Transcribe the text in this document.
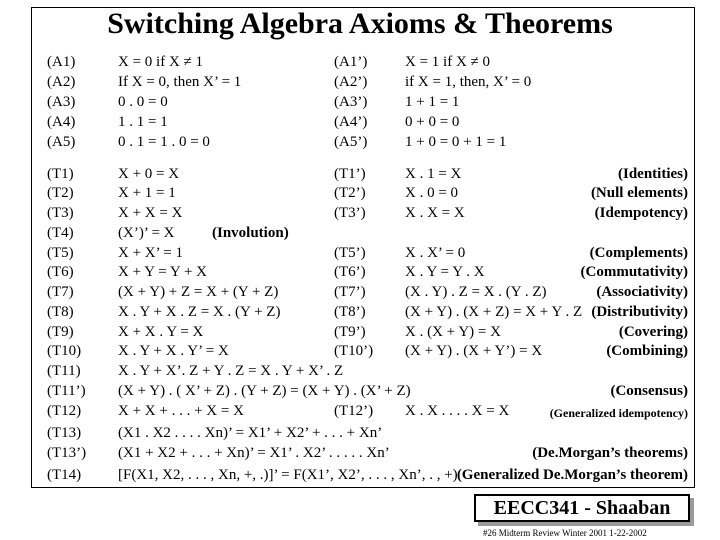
Switching Algebra Axioms & Theorems
(A1)	X = 0 if X ≠ 1	(A1’)	X = 1 if X ≠ 0
(A2)	If X = 0, then X’ = 1	(A2’)	if X = 1, then, X’ = 0
(A3)	0 . 0 = 0	(A3’)	1 + 1 = 1
(A4)	1 . 1 = 1	(A4’)	0 + 0 = 0
(A5)	0 . 1 = 1 . 0 = 0	(A5’)	1 + 0 = 0 + 1 = 1
(T1)	X + 0 = X	(T1’)	X . 1 = X	(Identities)
(T2)	X + 1 = 1	(T2’)	X . 0 = 0	(Null elements)
(T3)	X + X = X	(T3’)	X . X = X	(Idempotency)
(T4)	(X’)’ = X	(Involution)
(T5)	X + X’ = 1	(T5’)	X . X’ = 0	(Complements)
(T6)	X + Y = Y + X	(T6’)	X . Y = Y . X	(Commutativity)
(T7)	(X + Y) + Z = X + (Y + Z)	(T7’)	(X . Y) . Z = X . (Y . Z)	(Associativity)
(T8)	X . Y + X . Z = X . (Y + Z)	(T8’)	(X + Y) . (X + Z) = X + Y . Z (Distributivity)
(T9)	X + X . Y = X	(T9’)	X . (X + Y) = X	(Covering)
(T10) X . Y + X . Y’ = X	(T10’) (X + Y) . (X + Y’) = X	(Combining)
(T11) X . Y + X’. Z + Y . Z = X . Y + X’ . Z
(T11’) (X + Y) . ( X’ + Z) . (Y + Z) = (X + Y) . (X’ + Z)	(Consensus)
(T12) X + X + . . . + X = X	(T12’) X . X . . . . X = X	(Generalized idempotency)
(T13) (X1 . X2 . . . . Xn)’ = X1’ + X2’ + . . . + Xn’
(T13’) (X1 + X2 + . . . + Xn)’ = X1’ . X2’ . . . . . Xn’	(De.Morgan’s theorems)
(T14) [F(X1, X2, . . . , Xn, +, .)]’ = F(X1’, X2’, . . . , Xn’, . , +) (Generalized De.Morgan’s theorem)
EECC341 - Shaaban
#26 Midterm Review Winter 2001 1-22-2002
